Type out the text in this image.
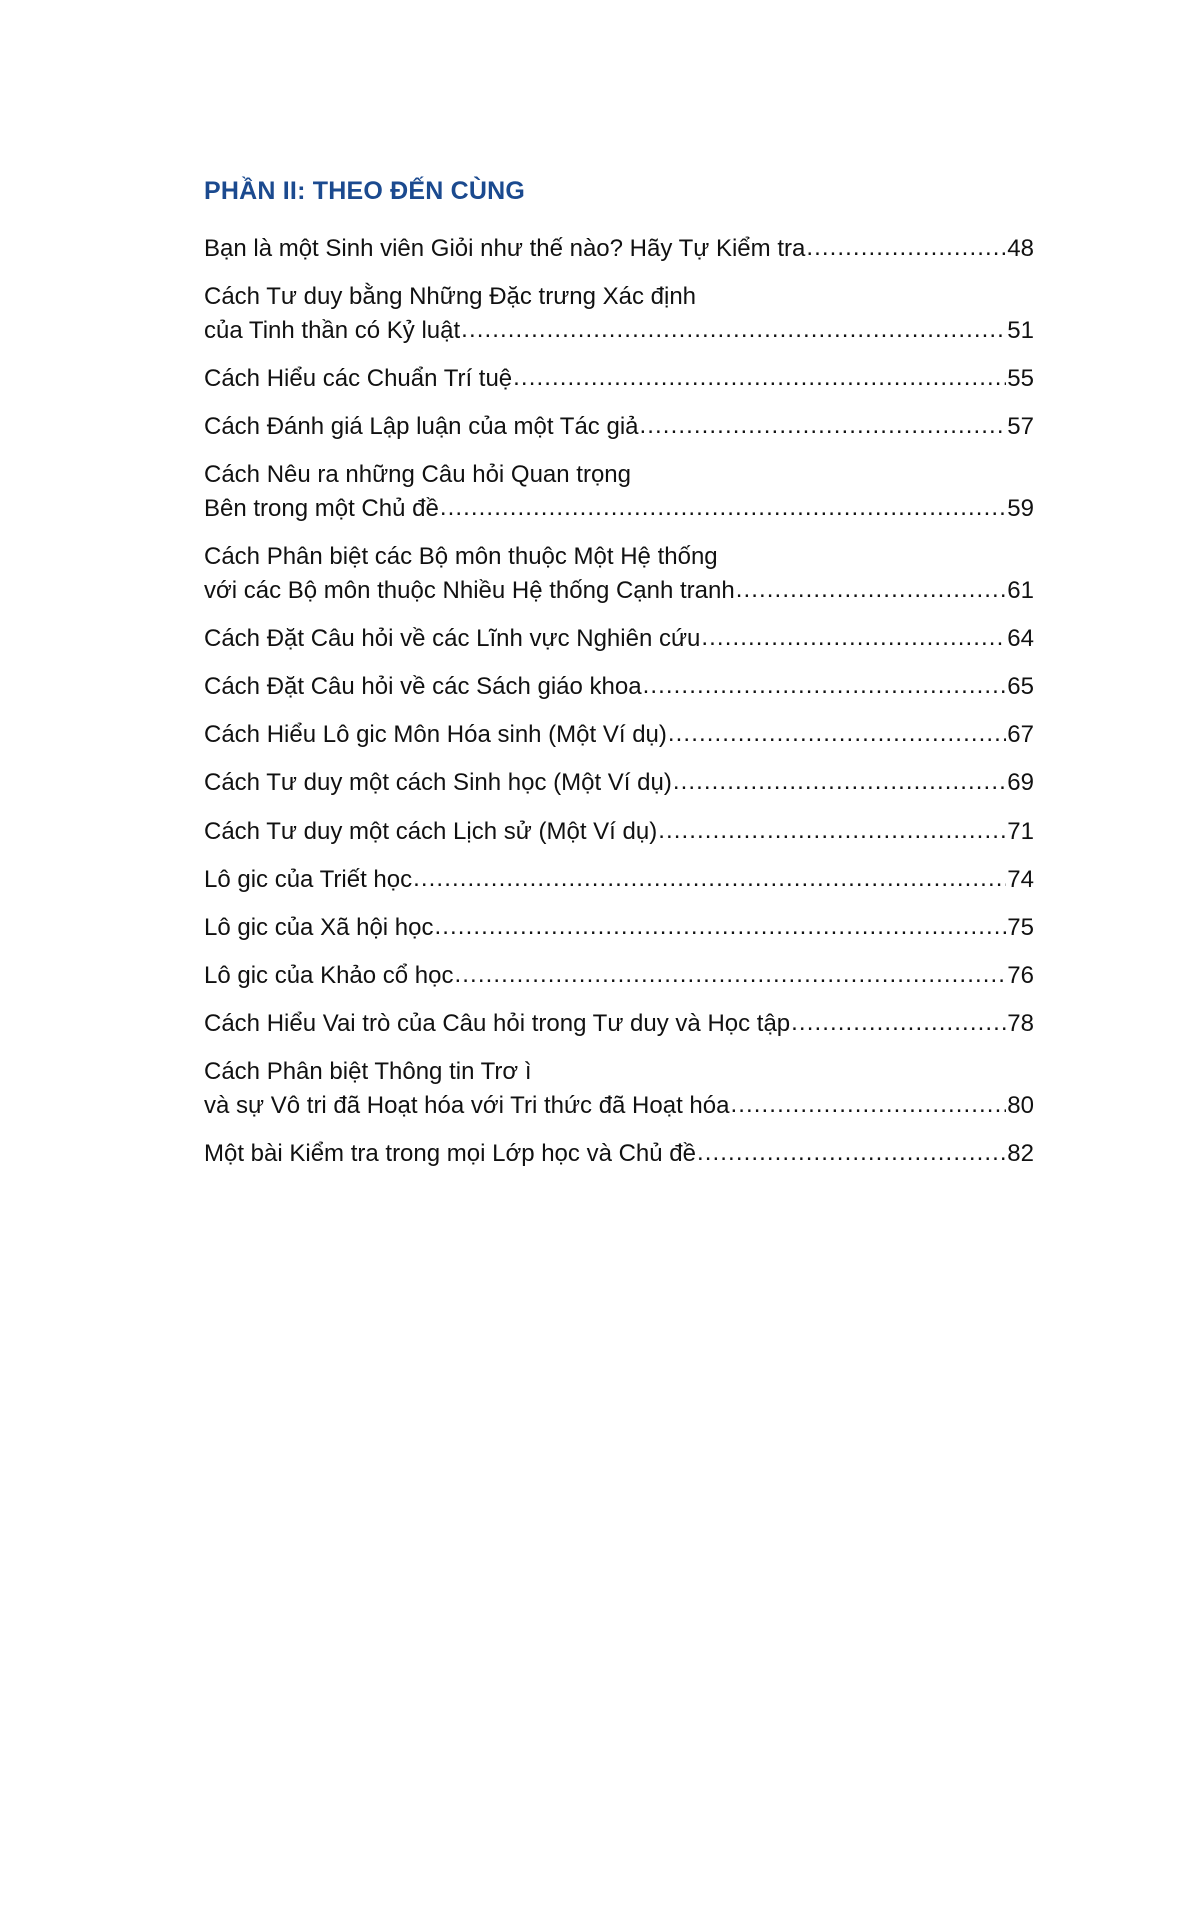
PHẦN II: THEO ĐẾN CÙNG
Bạn là một Sinh viên Giỏi như thế nào? Hãy Tự Kiểm tra .....	48
Cách Tư duy bằng Những Đặc trưng Xác định
của Tinh thần có Kỷ luật .....	51
Cách Hiểu các Chuẩn Trí tuệ .....	55
Cách Đánh giá Lập luận của một Tác giả .....	57
Cách Nêu ra những Câu hỏi Quan trọng
Bên trong một Chủ đề .....	59
Cách Phân biệt các Bộ môn thuộc Một Hệ thống
với các Bộ môn thuộc Nhiều Hệ thống Cạnh tranh .....	61
Cách Đặt Câu hỏi về các Lĩnh vực Nghiên cứu .....	64
Cách Đặt Câu hỏi về các Sách giáo khoa .....	65
Cách Hiểu Lô gic Môn Hóa sinh (Một Ví dụ) .....	67
Cách Tư duy một cách Sinh học (Một Ví dụ) .....	69
Cách Tư duy một cách Lịch sử (Một Ví dụ) .....	71
Lô gic của Triết học .....	74
Lô gic của Xã hội học .....	75
Lô gic của Khảo cổ học .....	76
Cách Hiểu Vai trò của Câu hỏi trong Tư duy và Học tập .....	78
Cách Phân biệt Thông tin Trơ ì
và sự Vô tri đã Hoạt hóa với Tri thức đã Hoạt hóa .....	80
Một bài Kiểm tra trong mọi Lớp học và Chủ đề .....	82
